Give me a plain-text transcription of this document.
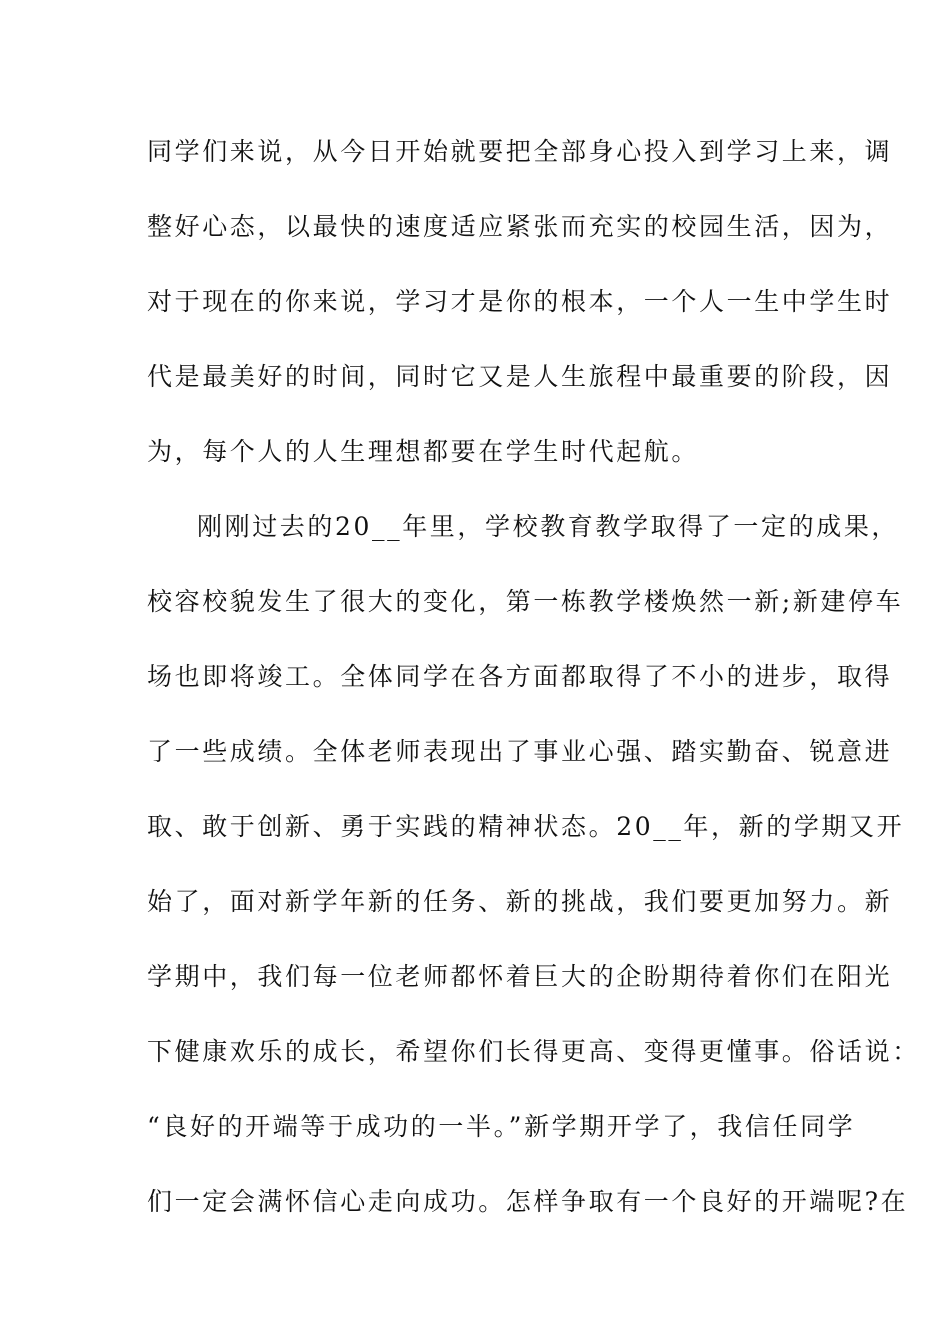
同学们来说，从今日开始就要把全部身心投入到学习上来，调
整好心态，以最快的速度适应紧张而充实的校园生活，因为，
对于现在的你来说，学习才是你的根本，一个人一生中学生时
代是最美好的时间，同时它又是人生旅程中最重要的阶段，因
为，每个人的人生理想都要在学生时代起航。
刚刚过去的20__年里，学校教育教学取得了一定的成果，
校容校貌发生了很大的变化，第一栋教学楼焕然一新;新建停车
场也即将竣工。全体同学在各方面都取得了不小的进步，取得
了一些成绩。全体老师表现出了事业心强、踏实勤奋、锐意进
取、敢于创新、勇于实践的精神状态。20__年，新的学期又开
始了，面对新学年新的任务、新的挑战，我们要更加努力。新
学期中，我们每一位老师都怀着巨大的企盼期待着你们在阳光
下健康欢乐的成长，希望你们长得更高、变得更懂事。俗话说：
“良好的开端等于成功的一半。”新学期开学了，我信任同学
们一定会满怀信心走向成功。怎样争取有一个良好的开端呢?在
